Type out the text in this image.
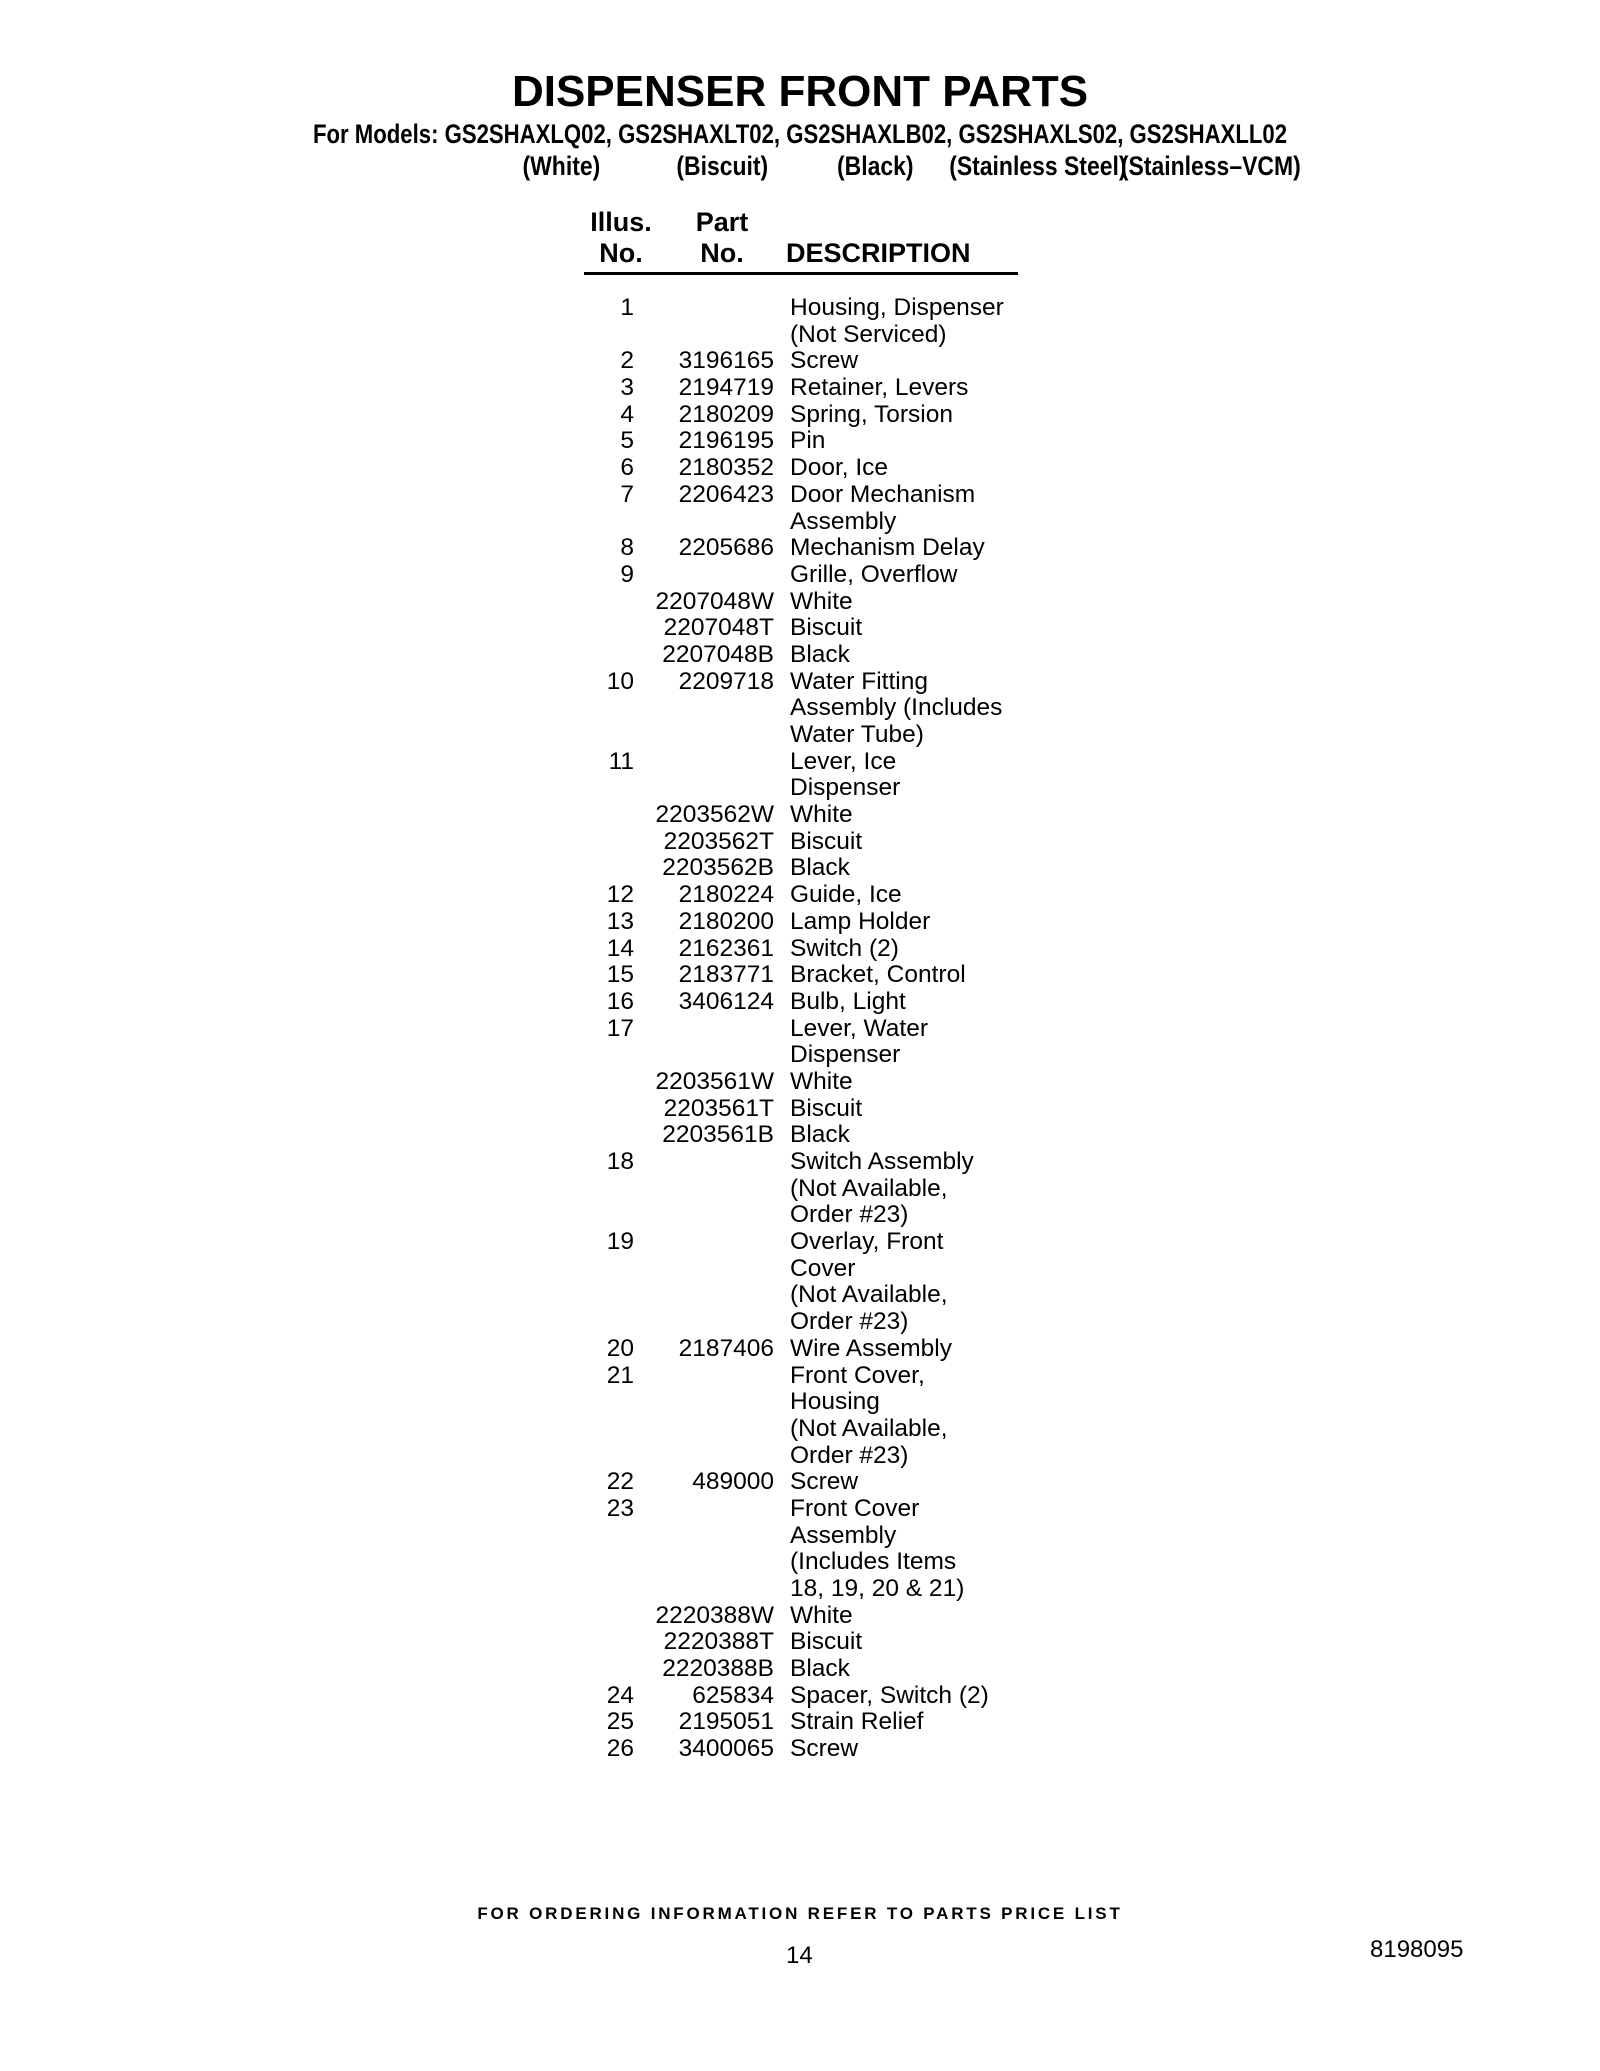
DISPENSER FRONT PARTS
For Models: GS2SHAXLQ02, GS2SHAXLT02, GS2SHAXLB02, GS2SHAXLS02, GS2SHAXLL02
(White)	(Biscuit)	(Black) (Stainless Steel)
(Stainless–VCM)
Illus.
No.
Part
No.	DESCRIPTION
1	Housing, Dispenser
(Not Serviced)
2	3196165 Screw
3	2194719 Retainer, Levers
4	2180209 Spring, Torsion
5	2196195 Pin
6	2180352 Door, Ice
7	2206423 Door Mechanism
Assembly
8	2205686 Mechanism Delay
9	Grille, Overflow
2207048W White
2207048T Biscuit
2207048B Black
10	2209718 Water Fitting
Assembly (Includes
Water Tube)
11	Lever, Ice
Dispenser
2203562W White
2203562T Biscuit
2203562B Black
12	2180224 Guide, Ice
13	2180200 Lamp Holder
14	2162361 Switch (2)
15	2183771 Bracket, Control
16	3406124 Bulb, Light
17	Lever, Water
Dispenser
2203561W White
2203561T Biscuit
2203561B Black
18	Switch Assembly
(Not Available,
Order #23)
19	Overlay, Front
Cover
(Not Available,
Order #23)
20	2187406 Wire Assembly
21	Front Cover,
Housing
(Not Available,
Order #23)
22	489000 Screw
23	Front Cover
Assembly
(Includes Items
18, 19, 20 & 21)
2220388W White
2220388T Biscuit
2220388B Black
24	625834 Spacer, Switch (2)
25	2195051 Strain Relief
26	3400065 Screw
FOR ORDERING INFORMATION REFER TO PARTS PRICE LIST
14	8198095
